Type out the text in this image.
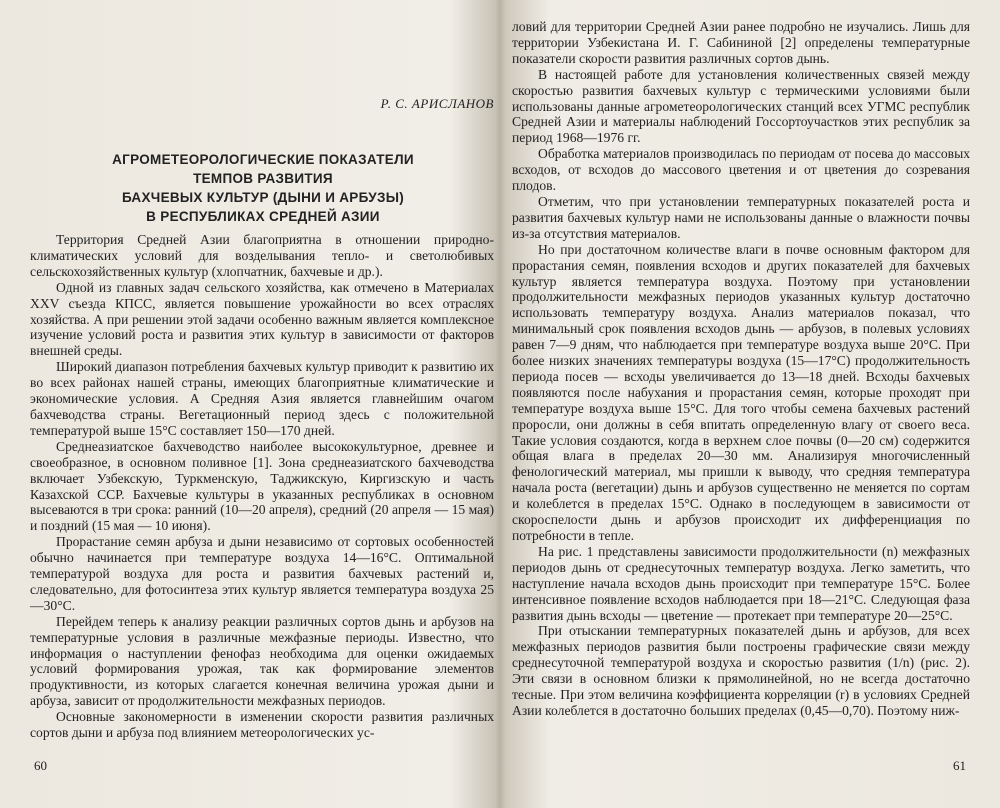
Р. С. АРИСЛАНОВ
АГРОМЕТЕОРОЛОГИЧЕСКИЕ ПОКАЗАТЕЛИ
ТЕМПОВ РАЗВИТИЯ
БАХЧЕВЫХ КУЛЬТУР (ДЫНИ И АРБУЗЫ)
В РЕСПУБЛИКАХ СРЕДНЕЙ АЗИИ

Территория Средней Азии благоприятна в отношении природно-климатических условий для возделывания тепло- и светолюбивых сельскохозяйственных культур (хлопчатник, бахчевые и др.).

Одной из главных задач сельского хозяйства, как отмечено в Материалах XXV съезда КПСС, является повышение урожайности во всех отраслях хозяйства. А при решении этой задачи особенно важным является комплексное изучение условий роста и развития этих культур в зависимости от факторов внешней среды.

Широкий диапазон потребления бахчевых культур приводит к развитию их во всех районах нашей страны, имеющих благоприятные климатические и экономические условия. А Средняя Азия является главнейшим очагом бахчеводства страны. Вегетационный период здесь с положительной температурой выше 15°С составляет 150—170 дней.

Среднеазиатское бахчеводство наиболее высококультурное, древнее и своеобразное, в основном поливное [1]. Зона среднеазиатского бахчеводства включает Узбекскую, Туркменскую, Таджикскую, Киргизскую и часть Казахской ССР. Бахчевые культуры в указанных республиках в основном высеваются в три срока: ранний (10—20 апреля), средний (20 апреля — 15 мая) и поздний (15 мая — 10 июня).

Прорастание семян арбуза и дыни независимо от сортовых особенностей обычно начинается при температуре воздуха 14—16°С. Оптимальной температурой воздуха для роста и развития бахчевых растений и, следовательно, для фотосинтеза этих культур является температура воздуха 25—30°С.

Перейдем теперь к анализу реакции различных сортов дынь и арбузов на температурные условия в различные межфазные периоды. Известно, что информация о наступлении фенофаз необходима для оценки ожидаемых условий формирования урожая, так как формирование элементов продуктивности, из которых слагается конечная величина урожая дыни и арбуза, зависит от продолжительности межфазных периодов.

Основные закономерности в изменении скорости развития различных сортов дыни и арбуза под влиянием метеорологических ус-

60

ловий для территории Средней Азии ранее подробно не изучались. Лишь для территории Узбекистана И. Г. Сабининой [2] определены температурные показатели скорости развития различных сортов дынь.

В настоящей работе для установления количественных связей между скоростью развития бахчевых культур с термическими условиями были использованы данные агрометеорологических станций всех УГМС республик Средней Азии и материалы наблюдений Госсортоучастков этих республик за период 1968—1976 гг.

Обработка материалов производилась по периодам от посева до массовых всходов, от всходов до массового цветения и от цветения до созревания плодов.

Отметим, что при установлении температурных показателей роста и развития бахчевых культур нами не использованы данные о влажности почвы из-за отсутствия материалов.

Но при достаточном количестве влаги в почве основным фактором для прорастания семян, появления всходов и других показателей для бахчевых культур является температура воздуха. Поэтому при установлении продолжительности межфазных периодов указанных культур достаточно использовать температуру воздуха. Анализ материалов показал, что минимальный срок появления всходов дынь — арбузов, в полевых условиях равен 7—9 дням, что наблюдается при температуре воздуха выше 20°С. При более низких значениях температуры воздуха (15—17°С) продолжительность периода посев — всходы увеличивается до 13—18 дней. Всходы бахчевых появляются после набухания и прорастания семян, которые проходят при температуре воздуха выше 15°С. Для того чтобы семена бахчевых растений проросли, они должны в себя впитать определенную влагу от своего веса. Такие условия создаются, когда в верхнем слое почвы (0—20 см) содержится общая влага в пределах 20—30 мм. Анализируя многочисленный фенологический материал, мы пришли к выводу, что средняя температура начала роста (вегетации) дынь и арбузов существенно не меняется по сортам и колеблется в пределах 15°С. Однако в последующем в зависимости от скороспелости дынь и арбузов происходит их дифференциация по потребности в тепле.

На рис. 1 представлены зависимости продолжительности (n) межфазных периодов дынь от среднесуточных температур воздуха. Легко заметить, что наступление начала всходов дынь происходит при температуре 15°С. Более интенсивное появление всходов наблюдается при 18—21°С. Следующая фаза развития дынь всходы — цветение — протекает при температуре 20—25°С.

При отыскании температурных показателей дынь и арбузов, для всех межфазных периодов развития были построены графические связи между среднесуточной температурой воздуха и скоростью развития (1/n) (рис. 2). Эти связи в основном близки к прямолинейной, но не всегда достаточно тесные. При этом величина коэффициента корреляции (r) в условиях Средней Азии колеблется в достаточно больших пределах (0,45—0,70). Поэтому ниж-

61
